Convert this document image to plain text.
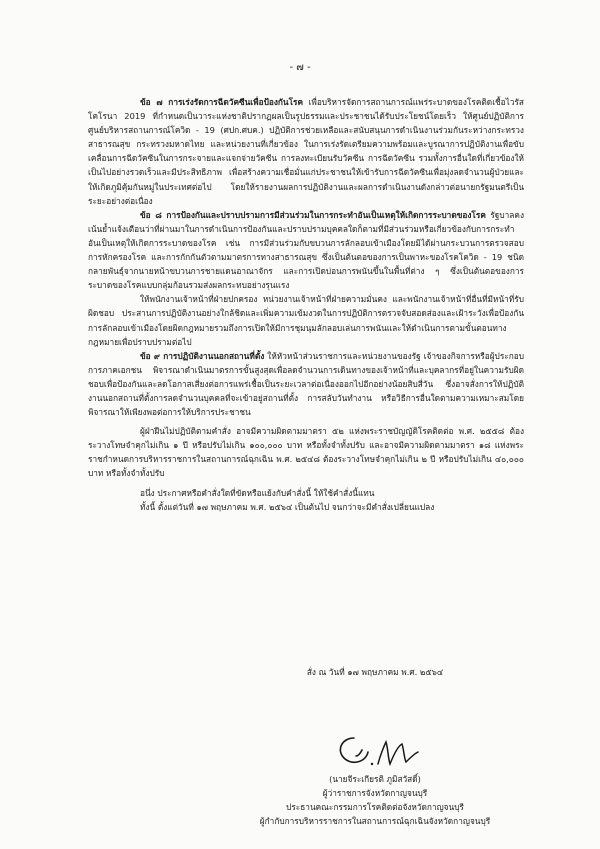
- ๗ -

ข้อ ๗ การเร่งรัดการฉีดวัคซีนเพื่อป้องกันโรค เพื่อบริหารจัดการสถานการณ์แพร่ระบาดของโรคติดเชื้อไวรัสโคโรนา 2019 ที่กำหนดเป็นวาระแห่งชาติปรากฏผลเป็นรูปธรรมและประชาชนได้รับประโยชน์โดยเร็ว ให้ศูนย์ปฏิบัติการ ศูนย์บริหารสถานการณ์โควิด - 19 (ศปก.ศบค.) ปฏิบัติการช่วยเหลือและสนับสนุนการดำเนินงานร่วมกันระหว่างกระทรวงสาธารณสุข กระทรวงมหาดไทย และหน่วยงานที่เกี่ยวข้อง ในการเร่งรัดเตรียมความพร้อมและบูรณาการปฏิบัติงานเพื่อขับเคลื่อนการฉีดวัคซีนในการกระจายและแจกจ่ายวัคซีน การลงทะเบียนรับวัคซีน การฉีดวัคซีน รวมทั้งการอื่นใดที่เกี่ยวข้องให้เป็นไปอย่างรวดเร็วและมีประสิทธิภาพ เพื่อสร้างความเชื่อมั่นแก่ประชาชนให้เข้ารับการฉีดวัคซีนเพื่อมุ่งลดจำนวนผู้ป่วยและให้เกิดภูมิคุ้มกันหมู่ในประเทศต่อไป โดยให้รายงานผลการปฏิบัติงานและผลการดำเนินงานดังกล่าวต่อนายกรัฐมนตรีเป็นระยะอย่างต่อเนื่อง

ข้อ ๘ การป้องกันและปราบปรามการมีส่วนร่วมในการกระทำอันเป็นเหตุให้เกิดการระบาดของโรค รัฐบาลคงเน้นย้ำแจ้งเตือนว่าที่ผ่านมาในการดำเนินการป้องกันและปราบปรามบุคคลใดก็ตามที่มีส่วนร่วมหรือเกี่ยวข้องกับการกระทำอันเป็นเหตุให้เกิดการระบาดของโรค เช่น การมีส่วนร่วมกับขบวนการลักลอบเข้าเมืองโดยมิได้ผ่านกระบวนการตรวจสอบ การหักครองโรค และการกักกันตัวตามมาตรการทางสาธารณสุข ซึ่งเป็นต้นตอของการเป็นพาหะของโรคโควิด - 19 ชนิดกลายพันธุ์จากนายหน้าขบวนการชายแดนอาณาจักร และการเปิดบ่อนการพนันขึ้นในพื้นที่ต่าง ๆ ซึ่งเป็นต้นตอของการระบาดของโรคแบบกลุ่มก้อนรวมส่งผลกระทบอย่างรุนแรง

ให้พนักงานเจ้าหน้าที่ฝ่ายปกครอง หน่วยงานเจ้าหน้าที่ฝ่ายความมั่นคง และพนักงานเจ้าหน้าที่อื่นที่มีหน้าที่รับผิดชอบ ประสานการปฏิบัติงานอย่างใกล้ชิดและเพิ่มความเข้มงวดในการปฏิบัติการตรวจจับสอดส่องและเฝ้าระวังเพื่อป้องกันการลักลอบเข้าเมืองโดยผิดกฎหมายรวมถึงการเปิดให้มีการชุมนุมลักลอบเล่นการพนันและให้ดำเนินการตามขั้นตอนทางกฎหมายเพื่อปราบปรามต่อไป

ข้อ ๙ การปฏิบัติงานนอกสถานที่ตั้ง ให้หัวหน้าส่วนราชการและหน่วยงานของรัฐ เจ้าของกิจการหรือผู้ประกอบการภาคเอกชน พิจารณาดำเนินมาตรการขั้นสูงสุดเพื่อลดจำนวนการเดินทางของเจ้าหน้าที่และบุคลากรที่อยู่ในความรับผิดชอบเพื่อป้องกันและลดโอกาสเสี่ยงต่อการแพร่เชื้อเป็นระยะเวลาต่อเนื่องออกไปอีกอย่างน้อยสิบสี่วัน ซึ่งอาจสั่งการให้ปฏิบัติงานนอกสถานที่ตั้งการลดจำนวนบุคคลที่จะเข้าอยู่สถานที่ตั้ง การสลับวันทำงาน หรือวิธีการอื่นใดตามความเหมาะสมโดยพิจารณาให้เพียงพอต่อการให้บริการประชาชน

ผู้ฝ่าฝืนไม่ปฏิบัติตามคำสั่ง อาจมีความผิดตามมาตรา ๕๒ แห่งพระราชบัญญัติโรคติดต่อ พ.ศ. ๒๕๕๘ ต้องระวางโทษจำคุกไม่เกิน ๑ ปี หรือปรับไม่เกิน ๑๐๐,๐๐๐ บาท หรือทั้งจำทั้งปรับ และอาจมีความผิดตามมาตรา ๑๘ แห่งพระราชกำหนดการบริหารราชการในสถานการณ์ฉุกเฉิน พ.ศ. ๒๕๔๘ ต้องระวางโทษจำคุกไม่เกิน ๒ ปี หรือปรับไม่เกิน ๔๐,๐๐๐ บาท หรือทั้งจำทั้งปรับ

อนึ่ง ประกาศหรือคำสั่งใดที่ขัดหรือแย้งกับคำสั่งนี้ ให้ใช้คำสั่งนี้แทน

ทั้งนี้ ตั้งแต่วันที่ ๑๗ พฤษภาคม พ.ศ. ๒๕๖๔ เป็นต้นไป จนกว่าจะมีคำสั่งเปลี่ยนแปลง

สั่ง ณ วันที่ ๑๗ พฤษภาคม พ.ศ. ๒๕๖๔
(นายจีระเกียรติ ภูมิสวัสดิ์)
ผู้ว่าราชการจังหวัดกาญจนบุรี
ประธานคณะกรรมการโรคติดต่อจังหวัดกาญจนบุรี
ผู้กำกับการบริหารราชการในสถานการณ์ฉุกเฉินจังหวัดกาญจนบุรี
